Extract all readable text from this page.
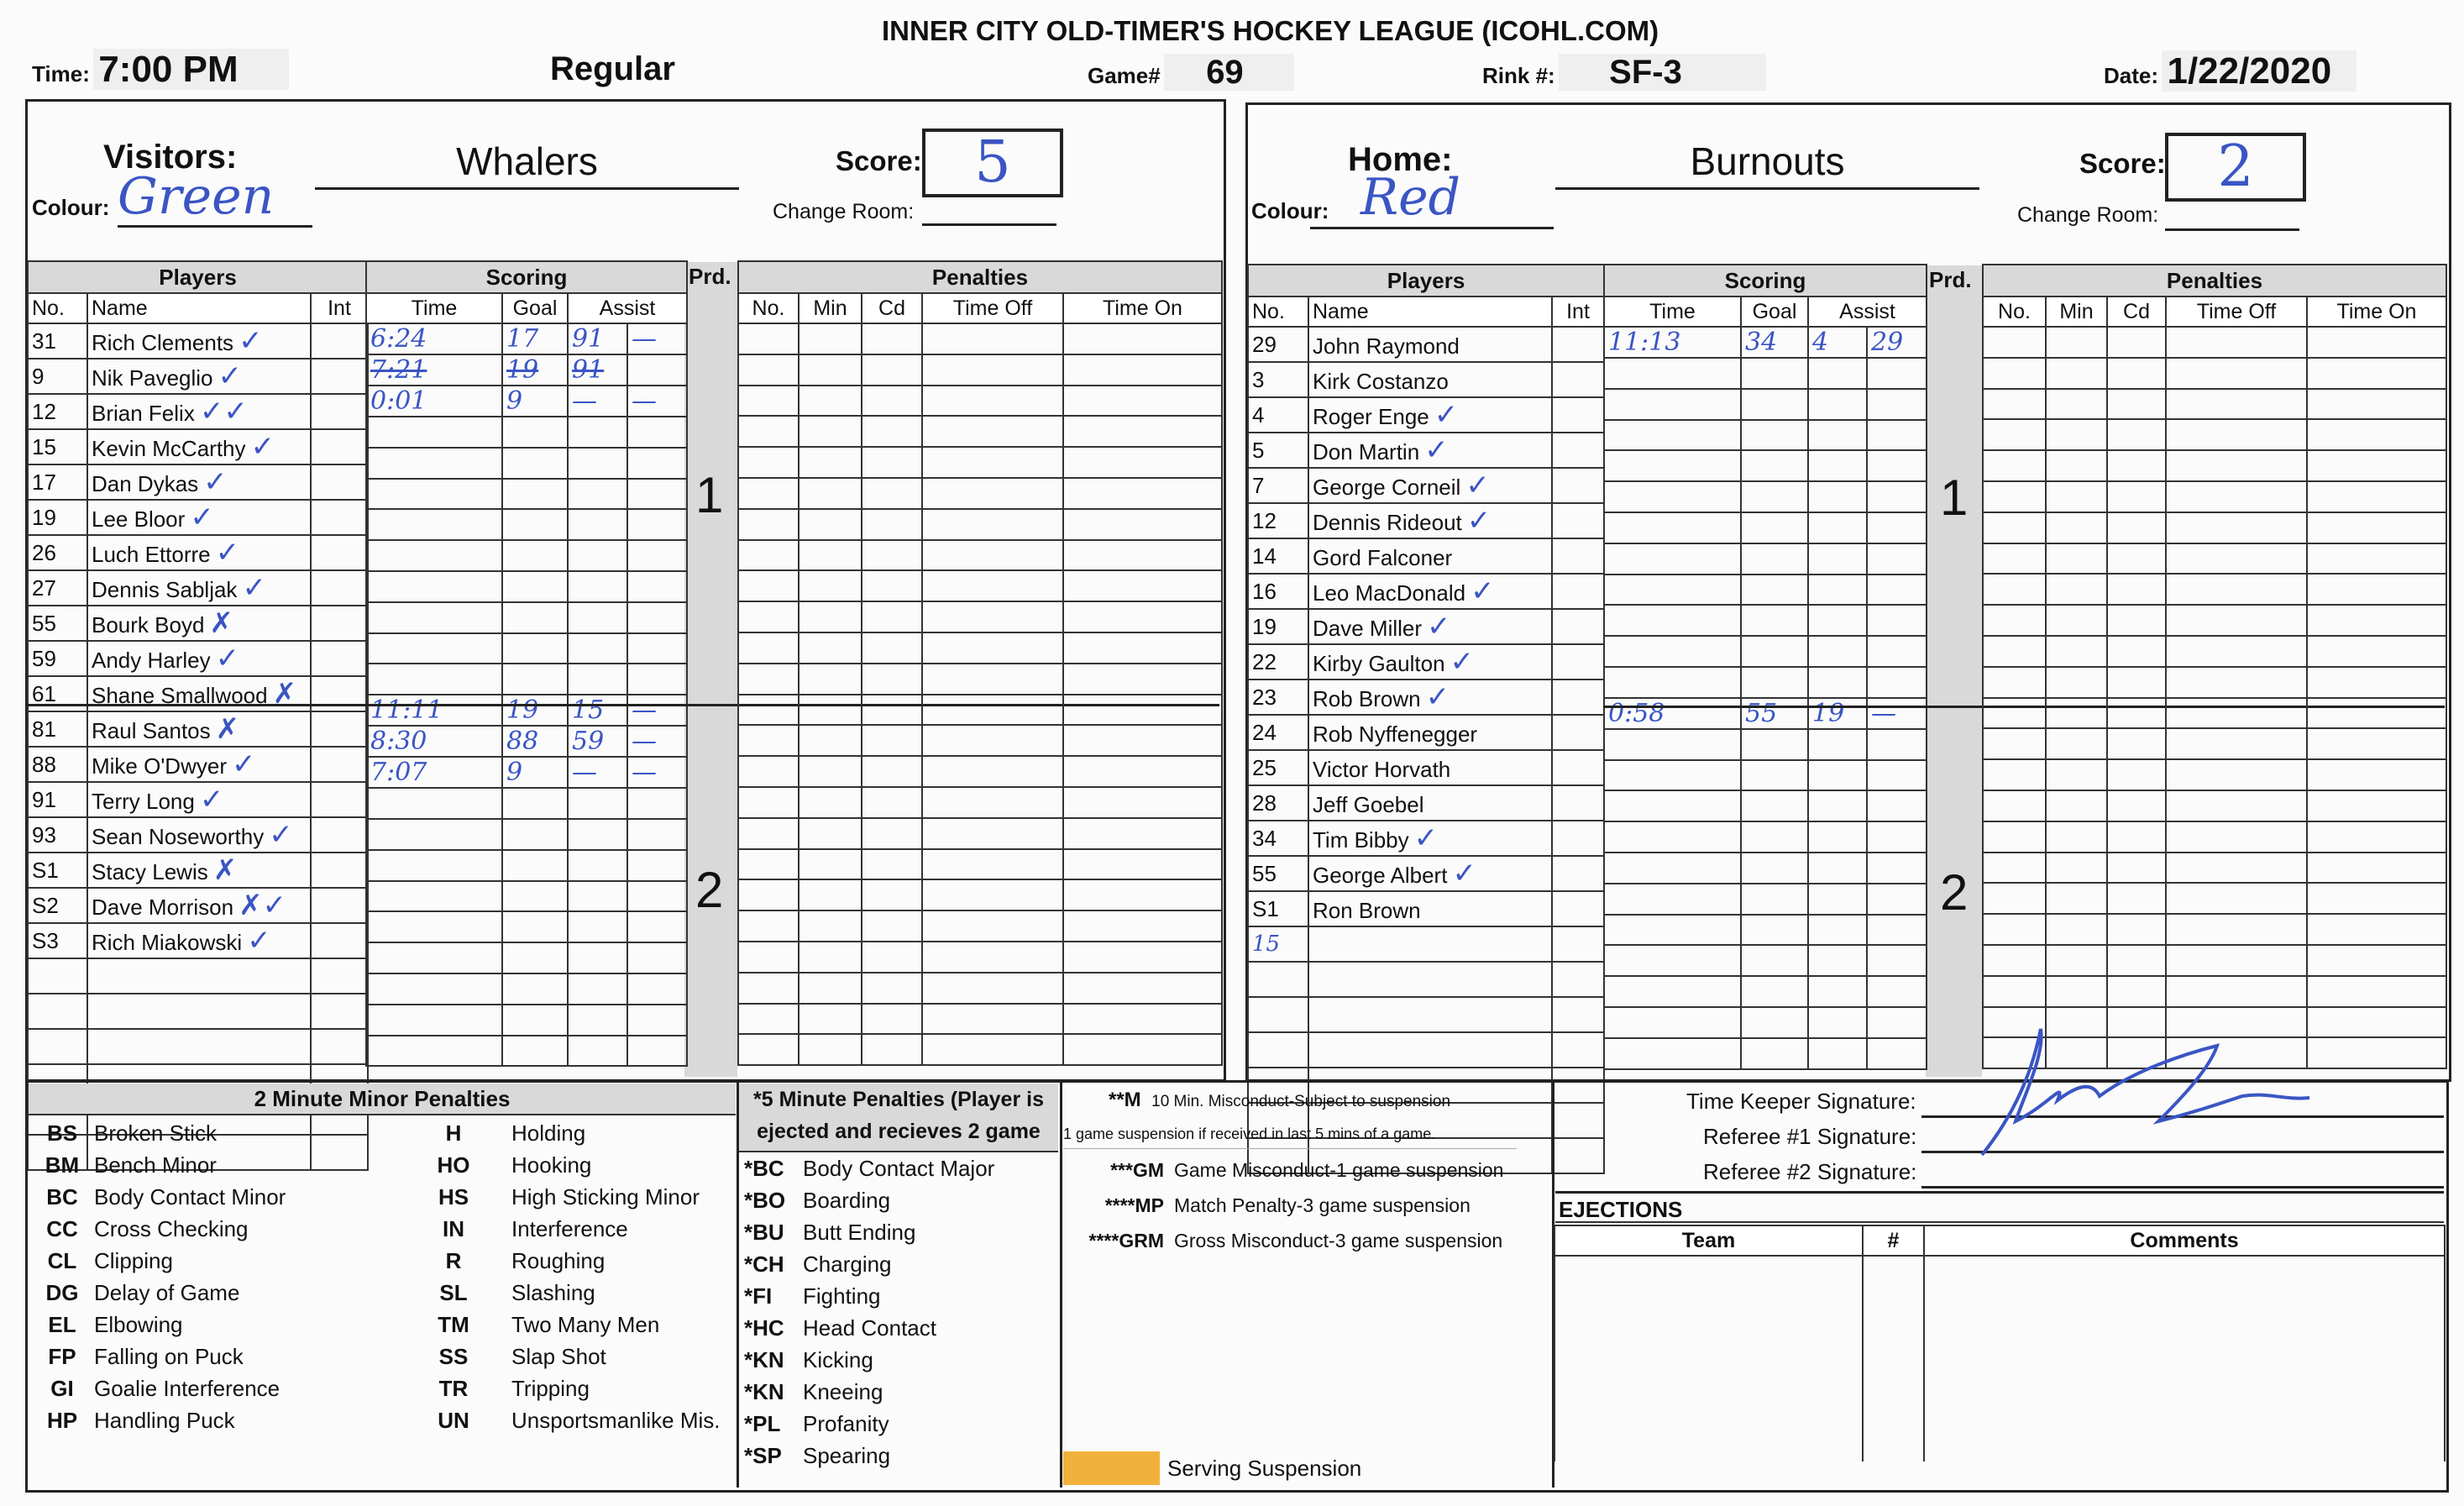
INNER CITY OLD-TIMER'S HOCKEY LEAGUE (ICOHL.COM)
Time: 7:00 PM	Regular	Game# 69	Rink #: SF-3	Date: 1/22/2020
Visitors:	Whalers
Colour: Green
Score: 5
Change Room:
Players		
No.	Name	Int
31	Rich Clements ✓	
9	Nik Paveglio ✓	
12	Brian Felix ✓✓	
15	Kevin McCarthy ✓	
17	Dan Dykas ✓	
19	Lee Bloor ✓	
26	Luch Ettorre ✓	
27	Dennis Sabljak ✓	
55	Bourk Boyd ✗	
59	Andy Harley ✓	
61	Shane Smallwood ✗	
81	Raul Santos ✗	
88	Mike O'Dwyer ✓	
91	Terry Long ✓	
93	Sean Noseworthy ✓	
S1	Stacy Lewis ✗	
S2	Dave Morrison ✗✓	
S3	Rich Miakowski ✓	

Scoring			
Time	Goal	Assist	
6:24	17	91	—
7:21	19	91	
0:01	9	—	—

11:11	19	15	—
8:30	88	59	—
7:07	9	—	—

Prd.
1
2
Penalties				
No.	Min	Cd	Time Off	Time On

Home:	Burnouts
Colour: Red
Score: 2
Change Room:
Players		
No.	Name	Int
29	John Raymond	
3	Kirk Costanzo	
4	Roger Enge ✓	
5	Don Martin ✓	
7	George Corneil ✓	
12	Dennis Rideout ✓	
14	Gord Falconer	
16	Leo MacDonald ✓	
19	Dave Miller ✓	
22	Kirby Gaulton ✓	
23	Rob Brown ✓	
24	Rob Nyffenegger	
25	Victor Horvath	
28	Jeff Goebel	
34	Tim Bibby ✓	
55	George Albert ✓	
S1	Ron Brown	
15		

Scoring			
Time	Goal	Assist	
11:13	34	4	29

0:58	55	19	—

Prd.
1
2
Penalties				
No.	Min	Cd	Time Off	Time On

2 Minute Minor Penalties
BS	Broken Stick
BM	Bench Minor
BC	Body Contact Minor
CC	Cross Checking
CL	Clipping
DG	Delay of Game
EL	Elbowing
FP	Falling on Puck
GI	Goalie Interference
HP	Handling Puck
H	Holding
HO	Hooking
HS	High Sticking Minor
IN	Interference
R	Roughing
SL	Slashing
TM	Two Many Men
SS	Slap Shot
TR	Tripping
UN	Unsportsmanlike Mis.
*5 Minute Penalties (Player is ejected and recieves 2 game
*BC	Body Contact Major
*BO	Boarding
*BU	Butt Ending
*CH	Charging
*FI	Fighting
*HC	Head Contact
*KN	Kicking
*KN	Kneeing
*PL	Profanity
*SP	Spearing
**M 10 Min. Misconduct-Subject to suspension
1 game suspension if received in last 5 mins of a game.
***GM Game Misconduct-1 game suspension
****MP Match Penalty-3 game suspension
****GRM Gross Misconduct-3 game suspension
Serving Suspension
Time Keeper Signature:
Referee #1 Signature:
Referee #2 Signature:
EJECTIONS
Team	#	Comments
